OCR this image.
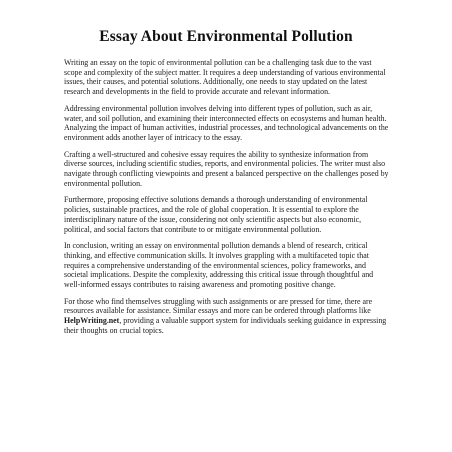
Essay About Environmental Pollution

Writing an essay on the topic of environmental pollution can be a challenging task due to the vast scope and complexity of the subject matter. It requires a deep understanding of various environmental issues, their causes, and potential solutions. Additionally, one needs to stay updated on the latest research and developments in the field to provide accurate and relevant information.

Addressing environmental pollution involves delving into different types of pollution, such as air, water, and soil pollution, and examining their interconnected effects on ecosystems and human health. Analyzing the impact of human activities, industrial processes, and technological advancements on the environment adds another layer of intricacy to the essay.

Crafting a well-structured and cohesive essay requires the ability to synthesize information from diverse sources, including scientific studies, reports, and environmental policies. The writer must also navigate through conflicting viewpoints and present a balanced perspective on the challenges posed by environmental pollution.

Furthermore, proposing effective solutions demands a thorough understanding of environmental policies, sustainable practices, and the role of global cooperation. It is essential to explore the interdisciplinary nature of the issue, considering not only scientific aspects but also economic, political, and social factors that contribute to or mitigate environmental pollution.

In conclusion, writing an essay on environmental pollution demands a blend of research, critical thinking, and effective communication skills. It involves grappling with a multifaceted topic that requires a comprehensive understanding of the environmental sciences, policy frameworks, and societal implications. Despite the complexity, addressing this critical issue through thoughtful and well-informed essays contributes to raising awareness and promoting positive change.

For those who find themselves struggling with such assignments or are pressed for time, there are resources available for assistance. Similar essays and more can be ordered through platforms like HelpWriting.net, providing a valuable support system for individuals seeking guidance in expressing their thoughts on crucial topics.
